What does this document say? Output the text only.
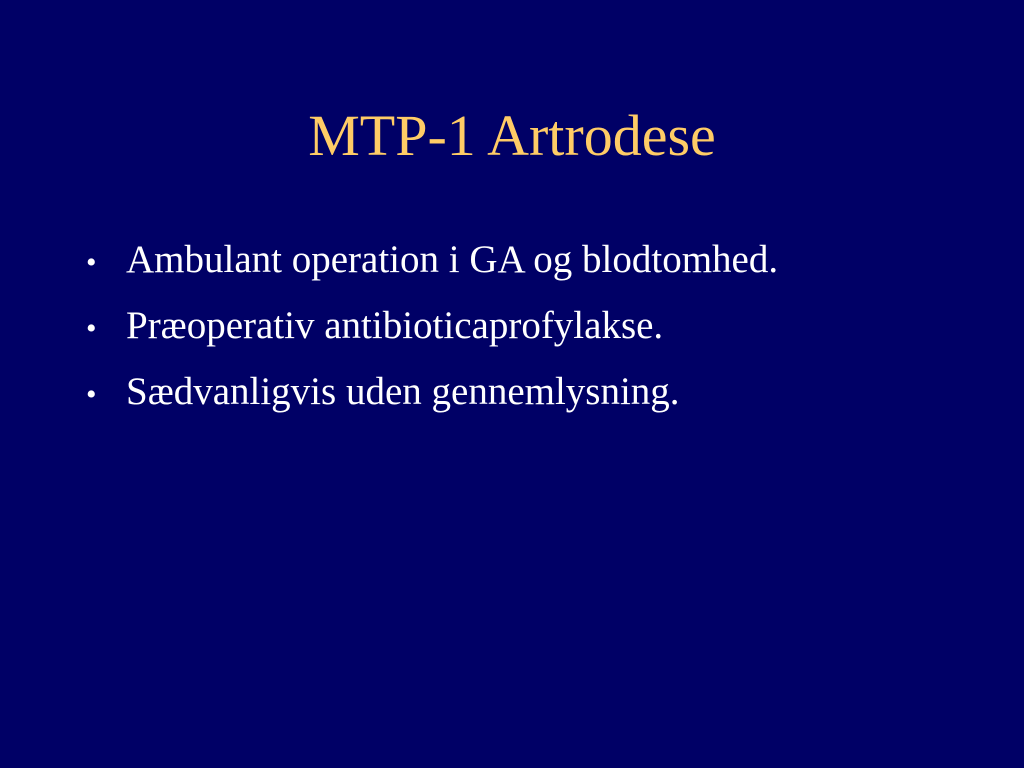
MTP-1 Artrodese
• Ambulant operation i GA og blodtomhed.
• Præoperativ antibioticaprofylakse.
• Sædvanligvis uden gennemlysning.
